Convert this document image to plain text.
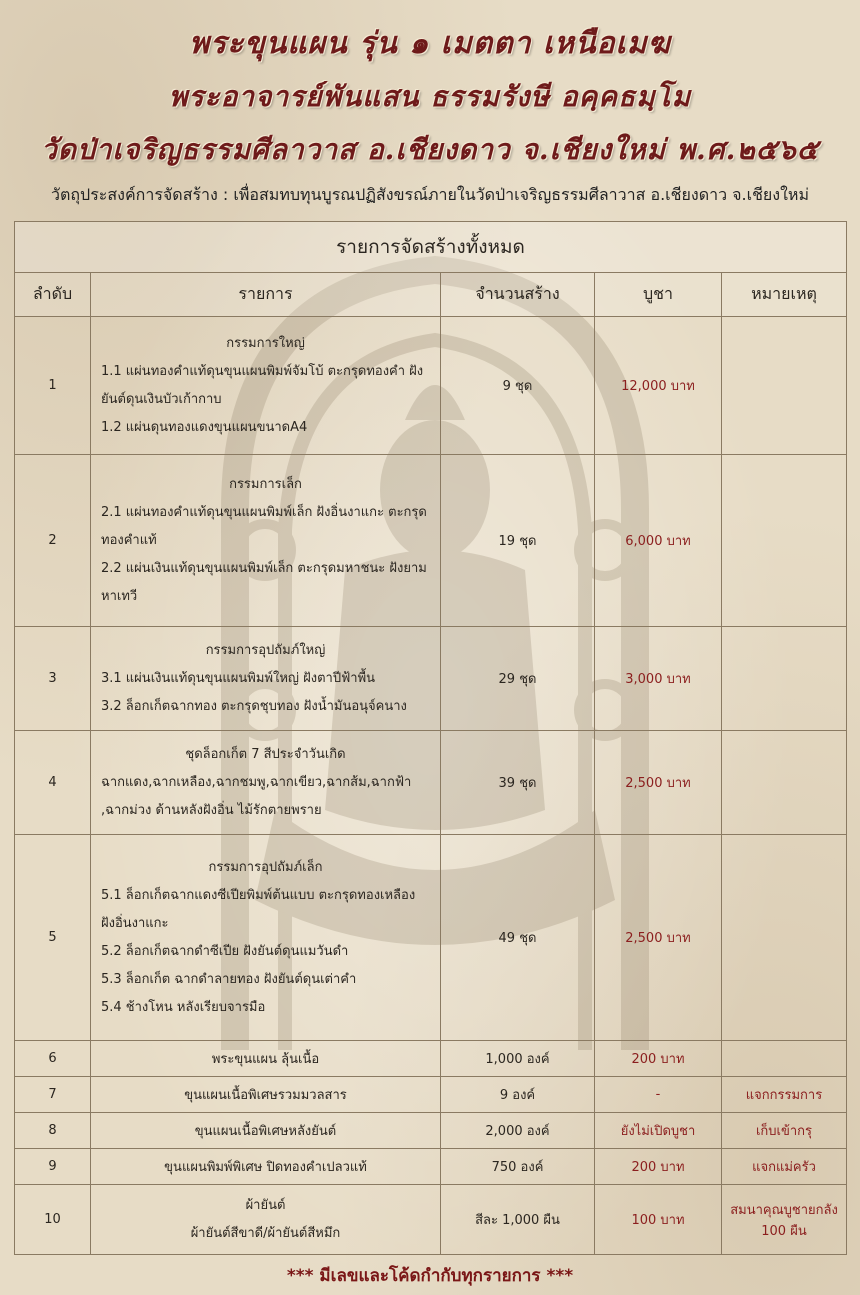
พระขุนแผน รุ่น ๑ เมตตา เหนือเมฆ
พระอาจารย์พันแสน ธรรมรังษี อคฺคธมฺโม
วัดป่าเจริญธรรมศีลาวาส อ.เชียงดาว จ.เชียงใหม่ พ.ศ.๒๕๖๕
วัตถุประสงค์การจัดสร้าง : เพื่อสมทบทุนบูรณปฏิสังขรณ์ภายในวัดป่าเจริญธรรมศีลาวาส อ.เชียงดาว จ.เชียงใหม่
รายการจัดสร้างทั้งหมด				
ลำดับ	รายการ	จำนวนสร้าง	บูชา	หมายเหตุ
1	กรรมการใหญ่
1.1 แผ่นทองคำแท้ดุนขุนแผนพิมพ์จัมโบ้ ตะกรุดทองคำ ฝังยันต์ดุนเงินบัวเก้ากาบ
1.2 แผ่นดุนทองแดงขุนแผนขนาดA4	9 ชุด	12,000 บาท	
2	กรรมการเล็ก
2.1 แผ่นทองคำแท้ดุนขุนแผนพิมพ์เล็ก ฝังอิ่นงาแกะ ตะกรุดทองคำแท้
2.2 แผ่นเงินแท้ดุนขุนแผนพิมพ์เล็ก ตะกรุดมหาชนะ ฝังยามหาเทวี	19 ชุด	6,000 บาท	
3	กรรมการอุปถัมภ์ใหญ่
3.1 แผ่นเงินแท้ดุนขุนแผนพิมพ์ใหญ่ ฝังตาปีฟ้าพื้น
3.2 ล็อกเก็ตฉากทอง ตะกรุดชุบทอง ฝังน้ำมันอนุจ์คนาง	29 ชุด	3,000 บาท	
4	ชุดล็อกเก็ต 7 สีประจำวันเกิด
ฉากแดง,ฉากเหลือง,ฉากชมพู,ฉากเขียว,ฉากส้ม,ฉากฟ้า ,ฉากม่วง ด้านหลังฝังอิ่น ไม้รักตายพราย	39 ชุด	2,500 บาท	
5	กรรมการอุปถัมภ์เล็ก
5.1 ล็อกเก็ตฉากแดงซีเปียพิมพ์ต้นแบบ ตะกรุดทองเหลือง ฝังอิ่นงาแกะ
5.2 ล็อกเก็ตฉากดำซีเปีย ฝังยันต์ดุนแมวันดำ
5.3 ล็อกเก็ต ฉากดำลายทอง ฝังยันต์ดุนเต่าคำ
5.4 ช้างโหน หลังเรียบจารมือ	49 ชุด	2,500 บาท	
6	พระขุนแผน ลุ้นเนื้อ	1,000 องค์	200 บาท	
7	ขุนแผนเนื้อพิเศษรวมมวลสาร	9 องค์	-	แจกกรรมการ
8	ขุนแผนเนื้อพิเศษหลังยันต์	2,000 องค์	ยังไม่เปิดบูชา	เก็บเข้ากรุ
9	ขุนแผนพิมพ์พิเศษ ปิดทองคำเปลวแท้	750 องค์	200 บาท	แจกแม่ครัว
10	ผ้ายันต์
ผ้ายันต์สีขาดี/ผ้ายันต์สีหมึก	สีละ 1,000 ผืน	100 บาท	สมนาคุณบูชายกลัง 100 ผืน
*** มีเลขและโค้ดกำกับทุกรายการ ***
